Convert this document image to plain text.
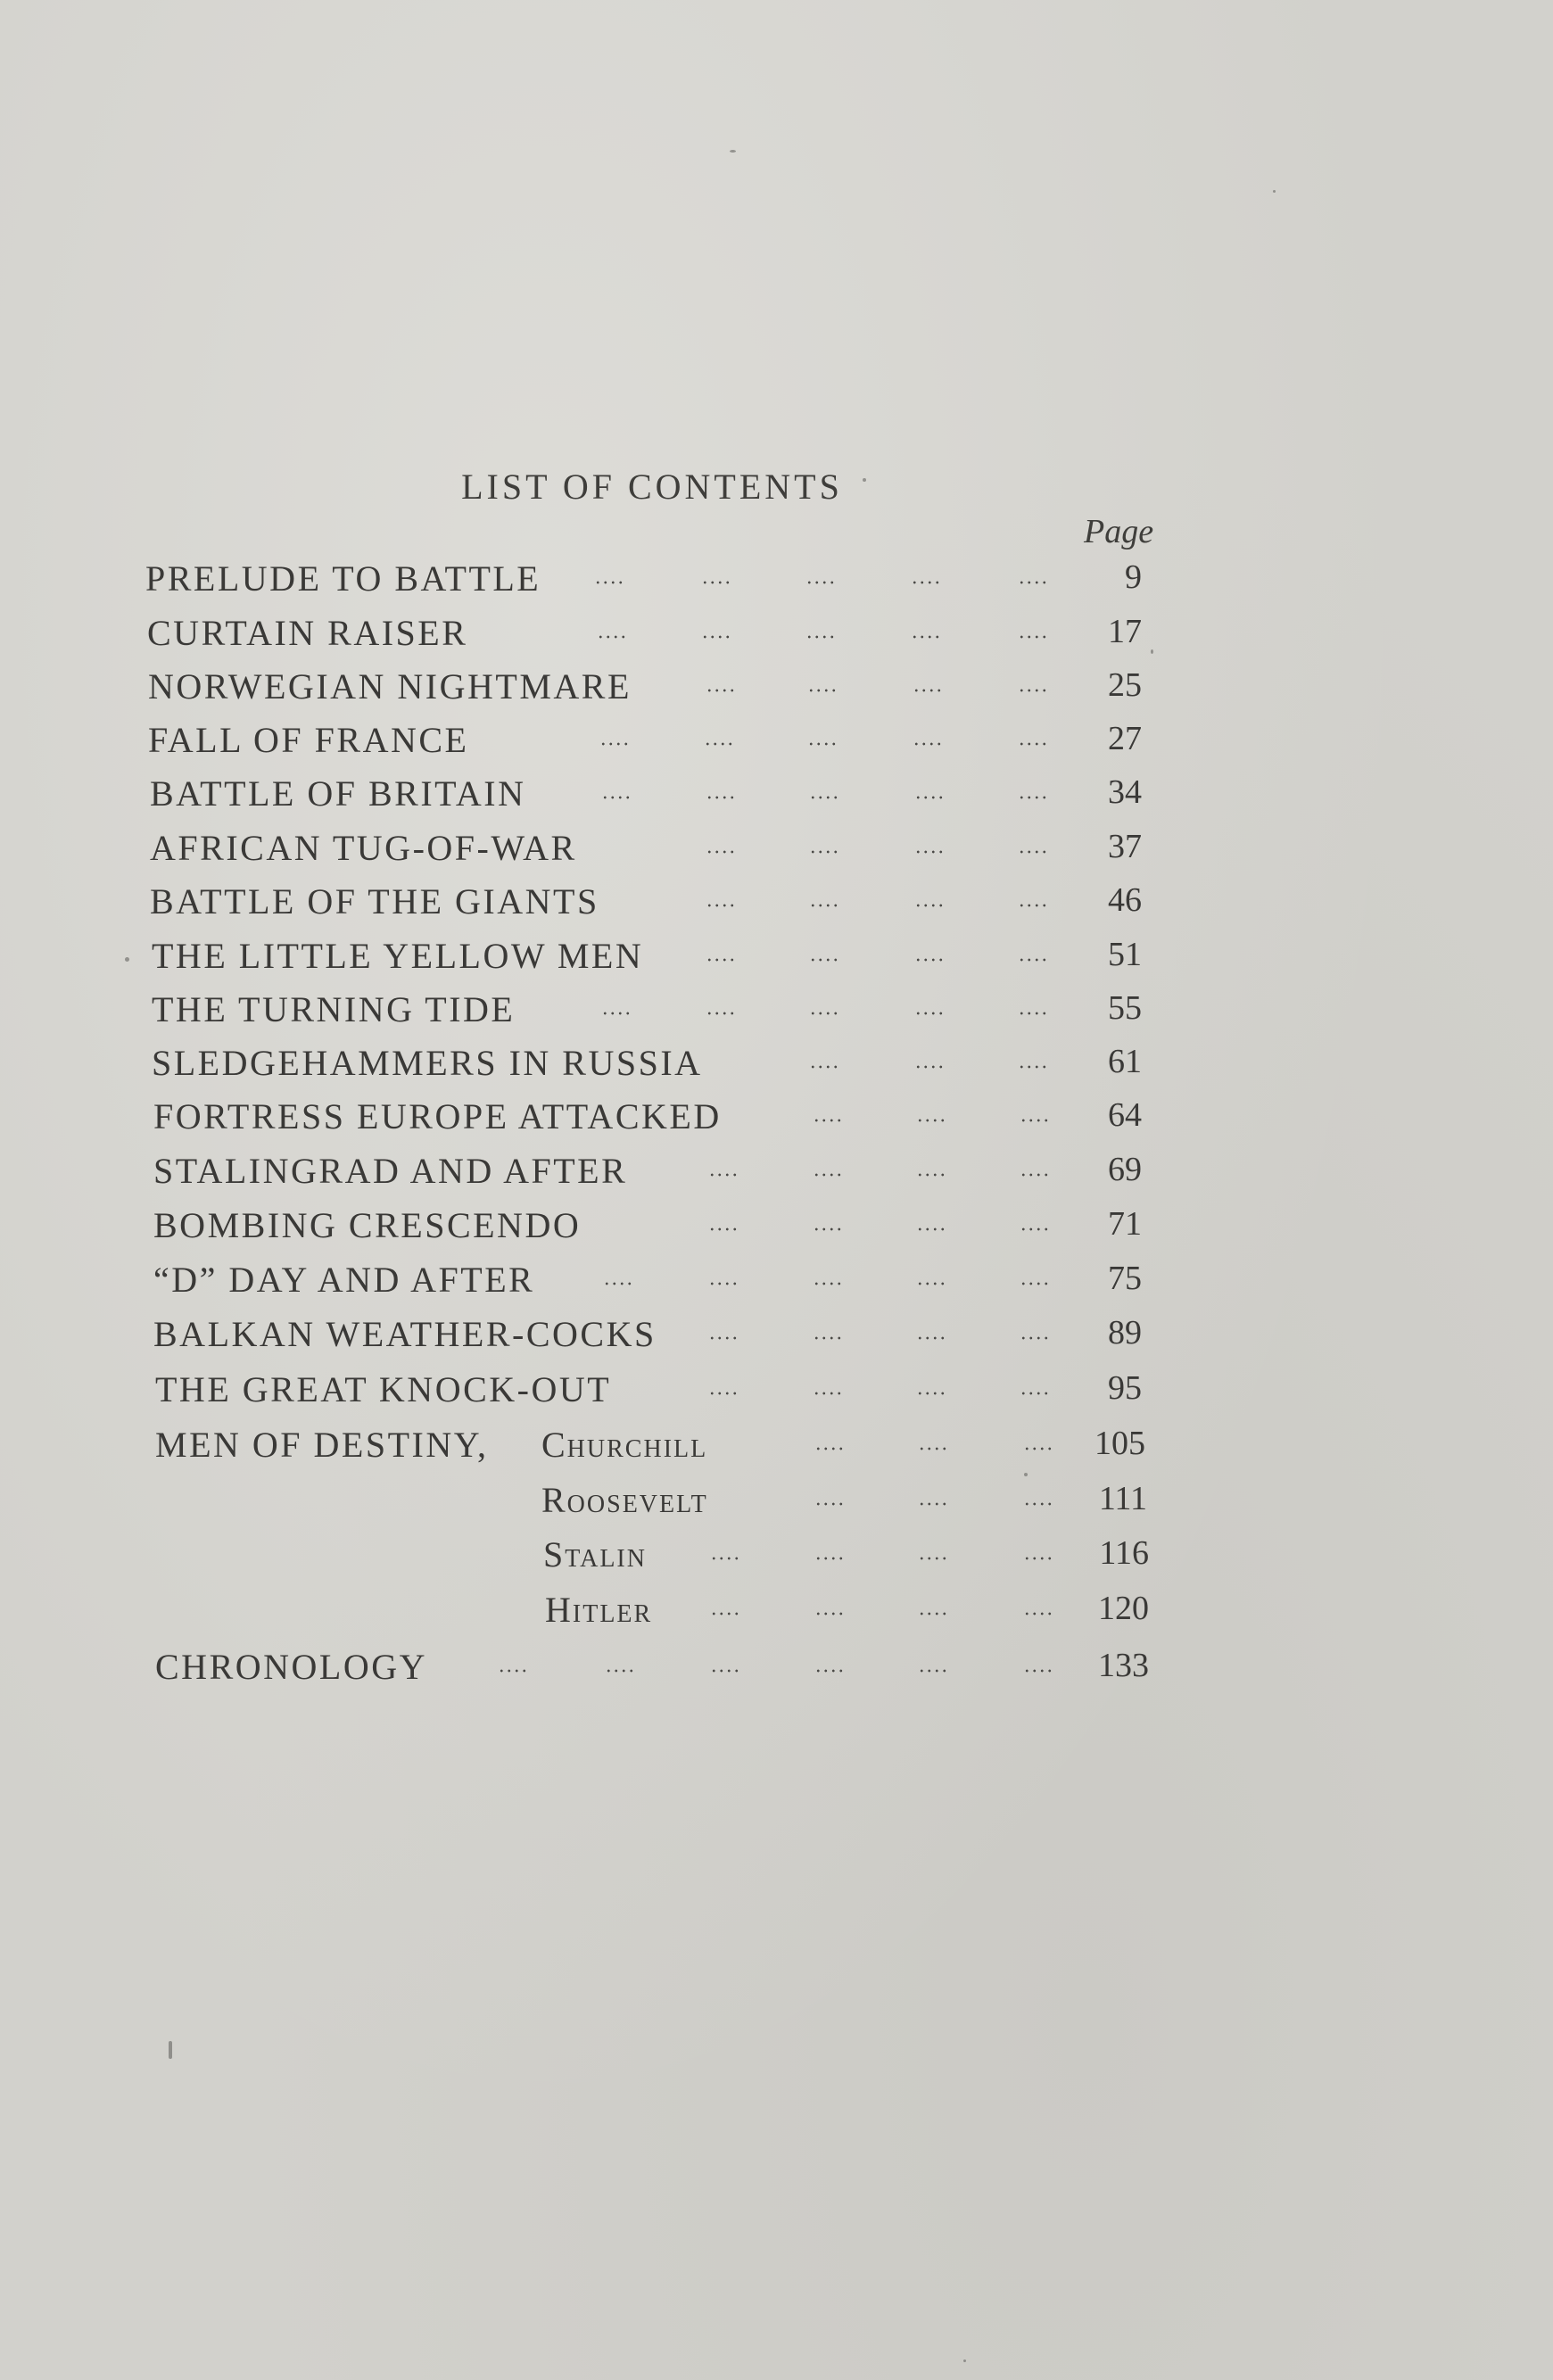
LIST OF CONTENTS
Page
PRELUDE TO BATTLE	9
CURTAIN RAISER	17
NORWEGIAN NIGHTMARE	25
FALL OF FRANCE	27
BATTLE OF BRITAIN	34
AFRICAN TUG-OF-WAR	37
BATTLE OF THE GIANTS	46
THE LITTLE YELLOW MEN	51
THE TURNING TIDE	55
SLEDGEHAMMERS IN RUSSIA	61
FORTRESS EUROPE ATTACKED	64
STALINGRAD AND AFTER	69
BOMBING CRESCENDO	71
“D” DAY AND AFTER	75
BALKAN WEATHER-COCKS	89
THE GREAT KNOCK-OUT	95
MEN OF DESTINY, Churchill	105
Roosevelt	111
Stalin	116
Hitler	120
CHRONOLOGY	133
